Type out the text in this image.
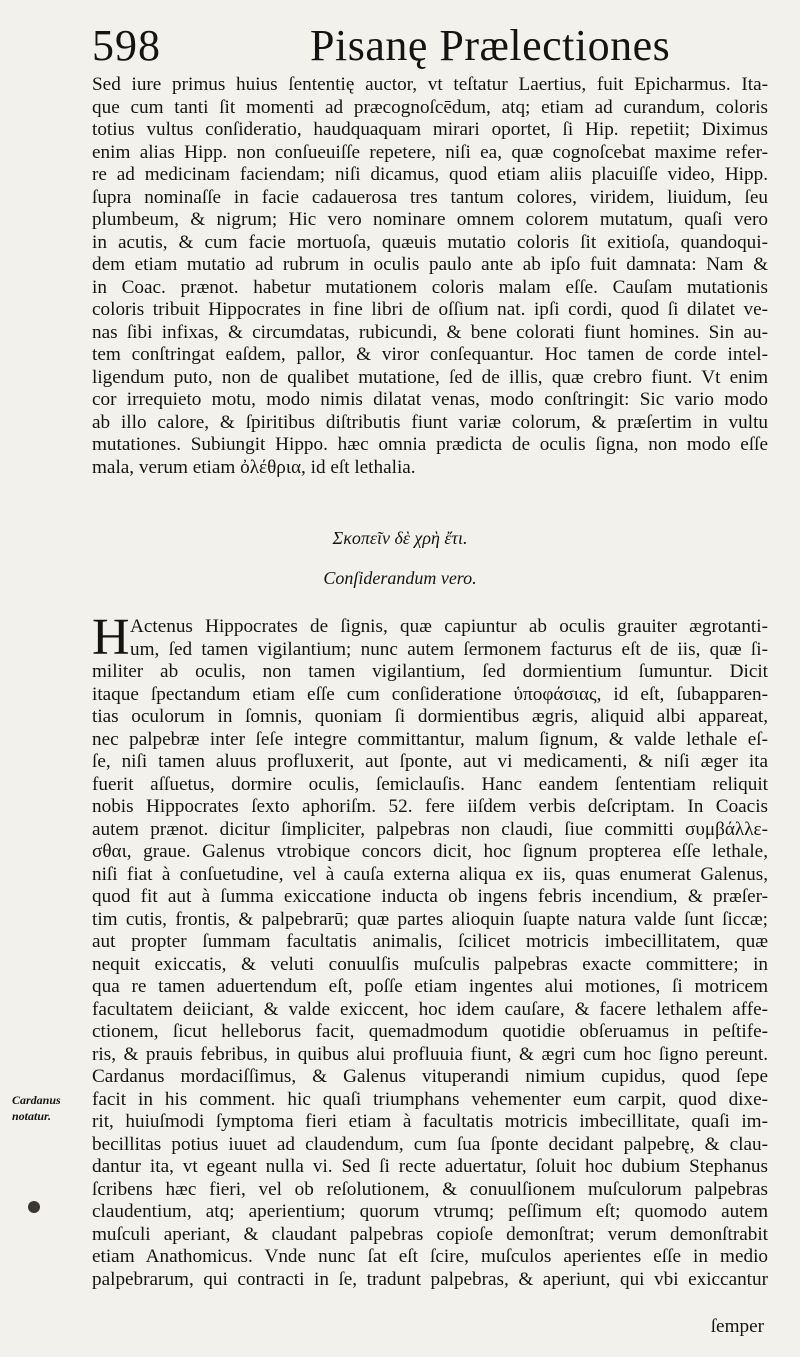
598	Pisanę Prælectiones
Sed iure primus huius ſententię auctor, vt teſtatur Laertius, fuit Epicharmus. Ita-
que cum tanti ſit momenti ad præcognoſcēdum, atq; etiam ad curandum, coloris
totius vultus conſideratio, haudquaquam mirari oportet, ſi Hip. repetiit; Diximus
enim alias Hipp. non conſueuiſſe repetere, niſi ea, quæ cognoſcebat maxime refer-
re ad medicinam faciendam; niſi dicamus, quod etiam aliis placuiſſe video, Hipp.
ſupra nominaſſe in facie cadauerosa tres tantum colores, viridem, liuidum, ſeu
plumbeum, & nigrum; Hic vero nominare omnem colorem mutatum, quaſi vero
in acutis, & cum facie mortuoſa, quæuis mutatio coloris ſit exitioſa, quandoqui-
dem etiam mutatio ad rubrum in oculis paulo ante ab ipſo fuit damnata: Nam &
in Coac. prænot. habetur mutationem coloris malam eſſe. Cauſam mutationis
coloris tribuit Hippocrates in fine libri de oſſium nat. ipſi cordi, quod ſi dilatet ve-
nas ſibi infixas, & circumdatas, rubicundi, & bene colorati fiunt homines. Sin au-
tem conſtringat eaſdem, pallor, & viror conſequantur. Hoc tamen de corde intel-
ligendum puto, non de qualibet mutatione, ſed de illis, quæ crebro fiunt. Vt enim
cor irrequieto motu, modo nimis dilatat venas, modo conſtringit: Sic vario modo
ab illo calore, & ſpiritibus diſtributis fiunt variæ colorum, & præſertim in vultu
mutationes. Subiungit Hippo. hæc omnia prædicta de oculis ſigna, non modo eſſe
mala, verum etiam ὀλέθρια, id eſt lethalia.
Σκοπεῖν δὲ χρὴ ἔτι.
Conſiderandum vero.
H Actenus Hippocrates de ſignis, quæ capiuntur ab oculis grauiter ægrotanti-
um, ſed tamen vigilantium; nunc autem ſermonem facturus eſt de iis, quæ ſi-
militer ab oculis, non tamen vigilantium, ſed dormientium ſumuntur. Dicit
itaque ſpectandum etiam eſſe cum conſideratione ὑποφάσιας, id eſt, ſubapparen-
tias oculorum in ſomnis, quoniam ſi dormientibus ægris, aliquid albi appareat,
nec palpebræ inter ſeſe integre committantur, malum ſignum, & valde lethale eſ-
ſe, niſi tamen aluus profluxerit, aut ſponte, aut vi medicamenti, & niſi æger ita
fuerit aſſuetus, dormire oculis, ſemiclauſis. Hanc eandem ſententiam reliquit
nobis Hippocrates ſexto aphoriſm. 52. fere iiſdem verbis deſcriptam. In Coacis
autem prænot. dicitur ſimpliciter, palpebras non claudi, ſiue committi συμβάλλε-
σθαι, graue. Galenus vtrobique concors dicit, hoc ſignum propterea eſſe lethale,
niſi fiat à conſuetudine, vel à cauſa externa aliqua ex iis, quas enumerat Galenus,
quod fit aut à ſumma exiccatione inducta ob ingens febris incendium, & præſer-
tim cutis, frontis, & palpebrarū; quæ partes alioquin ſuapte natura valde ſunt ſiccæ;
aut propter ſummam facultatis animalis, ſcilicet motricis imbecillitatem, quæ
nequit exiccatis, & veluti conuulſis muſculis palpebras exacte committere; in
qua re tamen aduertendum eſt, poſſe etiam ingentes alui motiones, ſi motricem
facultatem deiiciant, & valde exiccent, hoc idem cauſare, & facere lethalem affe-
ctionem, ſicut helleborus facit, quemadmodum quotidie obſeruamus in peſtife-
ris, & prauis febribus, in quibus alui profluuia fiunt, & ægri cum hoc ſigno pereunt.
Cardanus mordaciſſimus, & Galenus vituperandi nimium cupidus, quod ſepe
facit in his comment. hic quaſi triumphans vehementer eum carpit, quod dixe-
rit, huiuſmodi ſymptoma fieri etiam à facultatis motricis imbecillitate, quaſi im-
becillitas potius iuuet ad claudendum, cum ſua ſponte decidant palpebrę, & clau-
dantur ita, vt egeant nulla vi. Sed ſi recte aduertatur, ſoluit hoc dubium Stephanus
ſcribens hæc fieri, vel ob reſolutionem, & conuulſionem muſculorum palpebras
claudentium, atq; aperientium; quorum vtrumq; peſſimum eſt; quomodo autem
muſculi aperiant, & claudant palpebras copioſe demonſtrat; verum demonſtrabit
etiam Anathomicus. Vnde nunc ſat eſt ſcire, muſculos aperientes eſſe in medio
palpebrarum, qui contracti in ſe, tradunt palpebras, & aperiunt, qui vbi exiccantur
Cardanus
notatur.
ſemper
